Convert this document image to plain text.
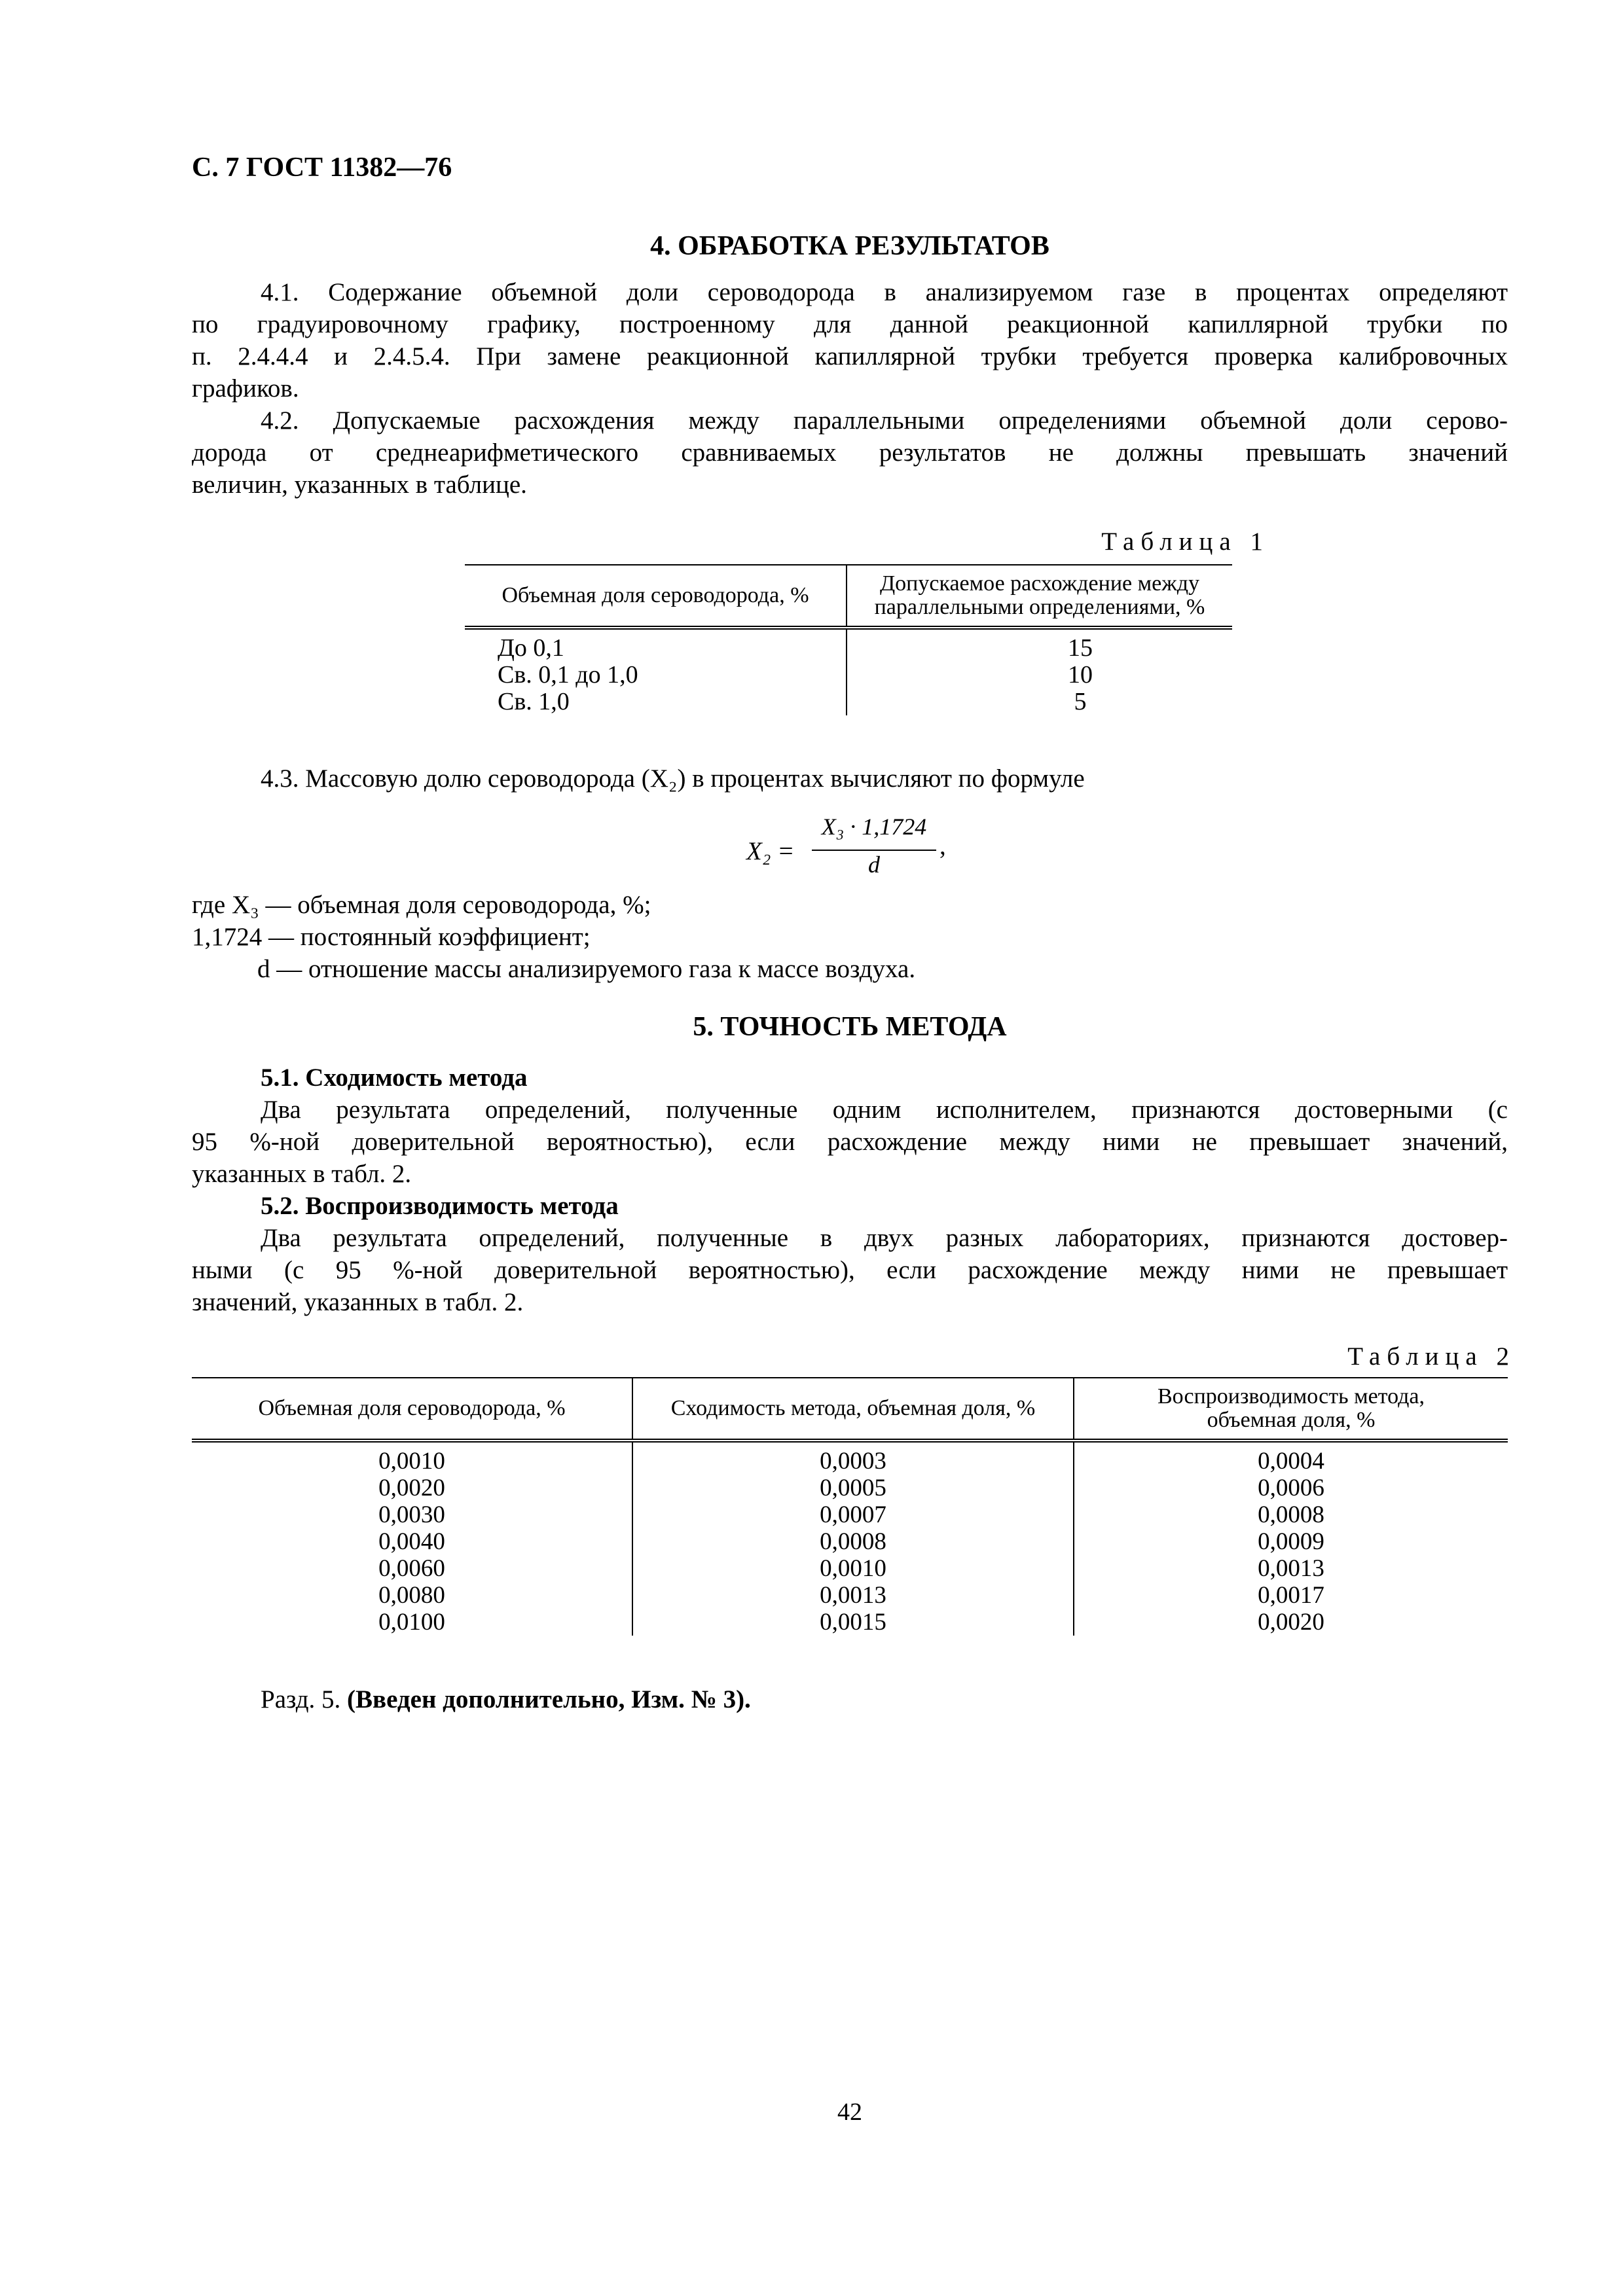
С. 7 ГОСТ 11382—76
4. ОБРАБОТКА РЕЗУЛЬТАТОВ
4.1. Содержание объемной доли сероводорода в анализируемом газе в процентах определяют
по градуировочному графику, построенному для данной реакционной капиллярной трубки по
п. 2.4.4.4 и 2.4.5.4. При замене реакционной капиллярной трубки требуется проверка калибровочных
графиков.
4.2. Допускаемые расхождения между параллельными определениями объемной доли серово-
дорода от среднеарифметического сравниваемых результатов не должны превышать значений
величин, указанных в таблице.
Таблица 1
Объемная доля сероводорода, %	Допускаемое расхождение между параллельными определениями, %
До 0,1	15
Св. 0,1 до 1,0	10
Св. 1,0	5
4.3. Массовую долю сероводорода (X₂) в процентах вычисляют по формуле
X₂ =
X₃ · 1,1724
d
,
где X₃ — объемная доля сероводорода, %;
1,1724 — постоянный коэффициент;
d — отношение массы анализируемого газа к массе воздуха.
5. ТОЧНОСТЬ МЕТОДА
5.1. Сходимость метода
Два результата определений, полученные одним исполнителем, признаются достоверными (с
95 %-ной доверительной вероятностью), если расхождение между ними не превышает значений,
указанных в табл. 2.
5.2. Воспроизводимость метода
Два результата определений, полученные в двух разных лабораториях, признаются достовер-
ными (с 95 %-ной доверительной вероятностью), если расхождение между ними не превышает
значений, указанных в табл. 2.
Таблица 2
Объемная доля сероводорода, %	Сходимость метода, объемная доля, %	Воспроизводимость метода, объемная доля, %
0,0010	0,0003	0,0004
0,0020	0,0005	0,0006
0,0030	0,0007	0,0008
0,0040	0,0008	0,0009
0,0060	0,0010	0,0013
0,0080	0,0013	0,0017
0,0100	0,0015	0,0020
Разд. 5. (Введен дополнительно, Изм. № 3).
42
